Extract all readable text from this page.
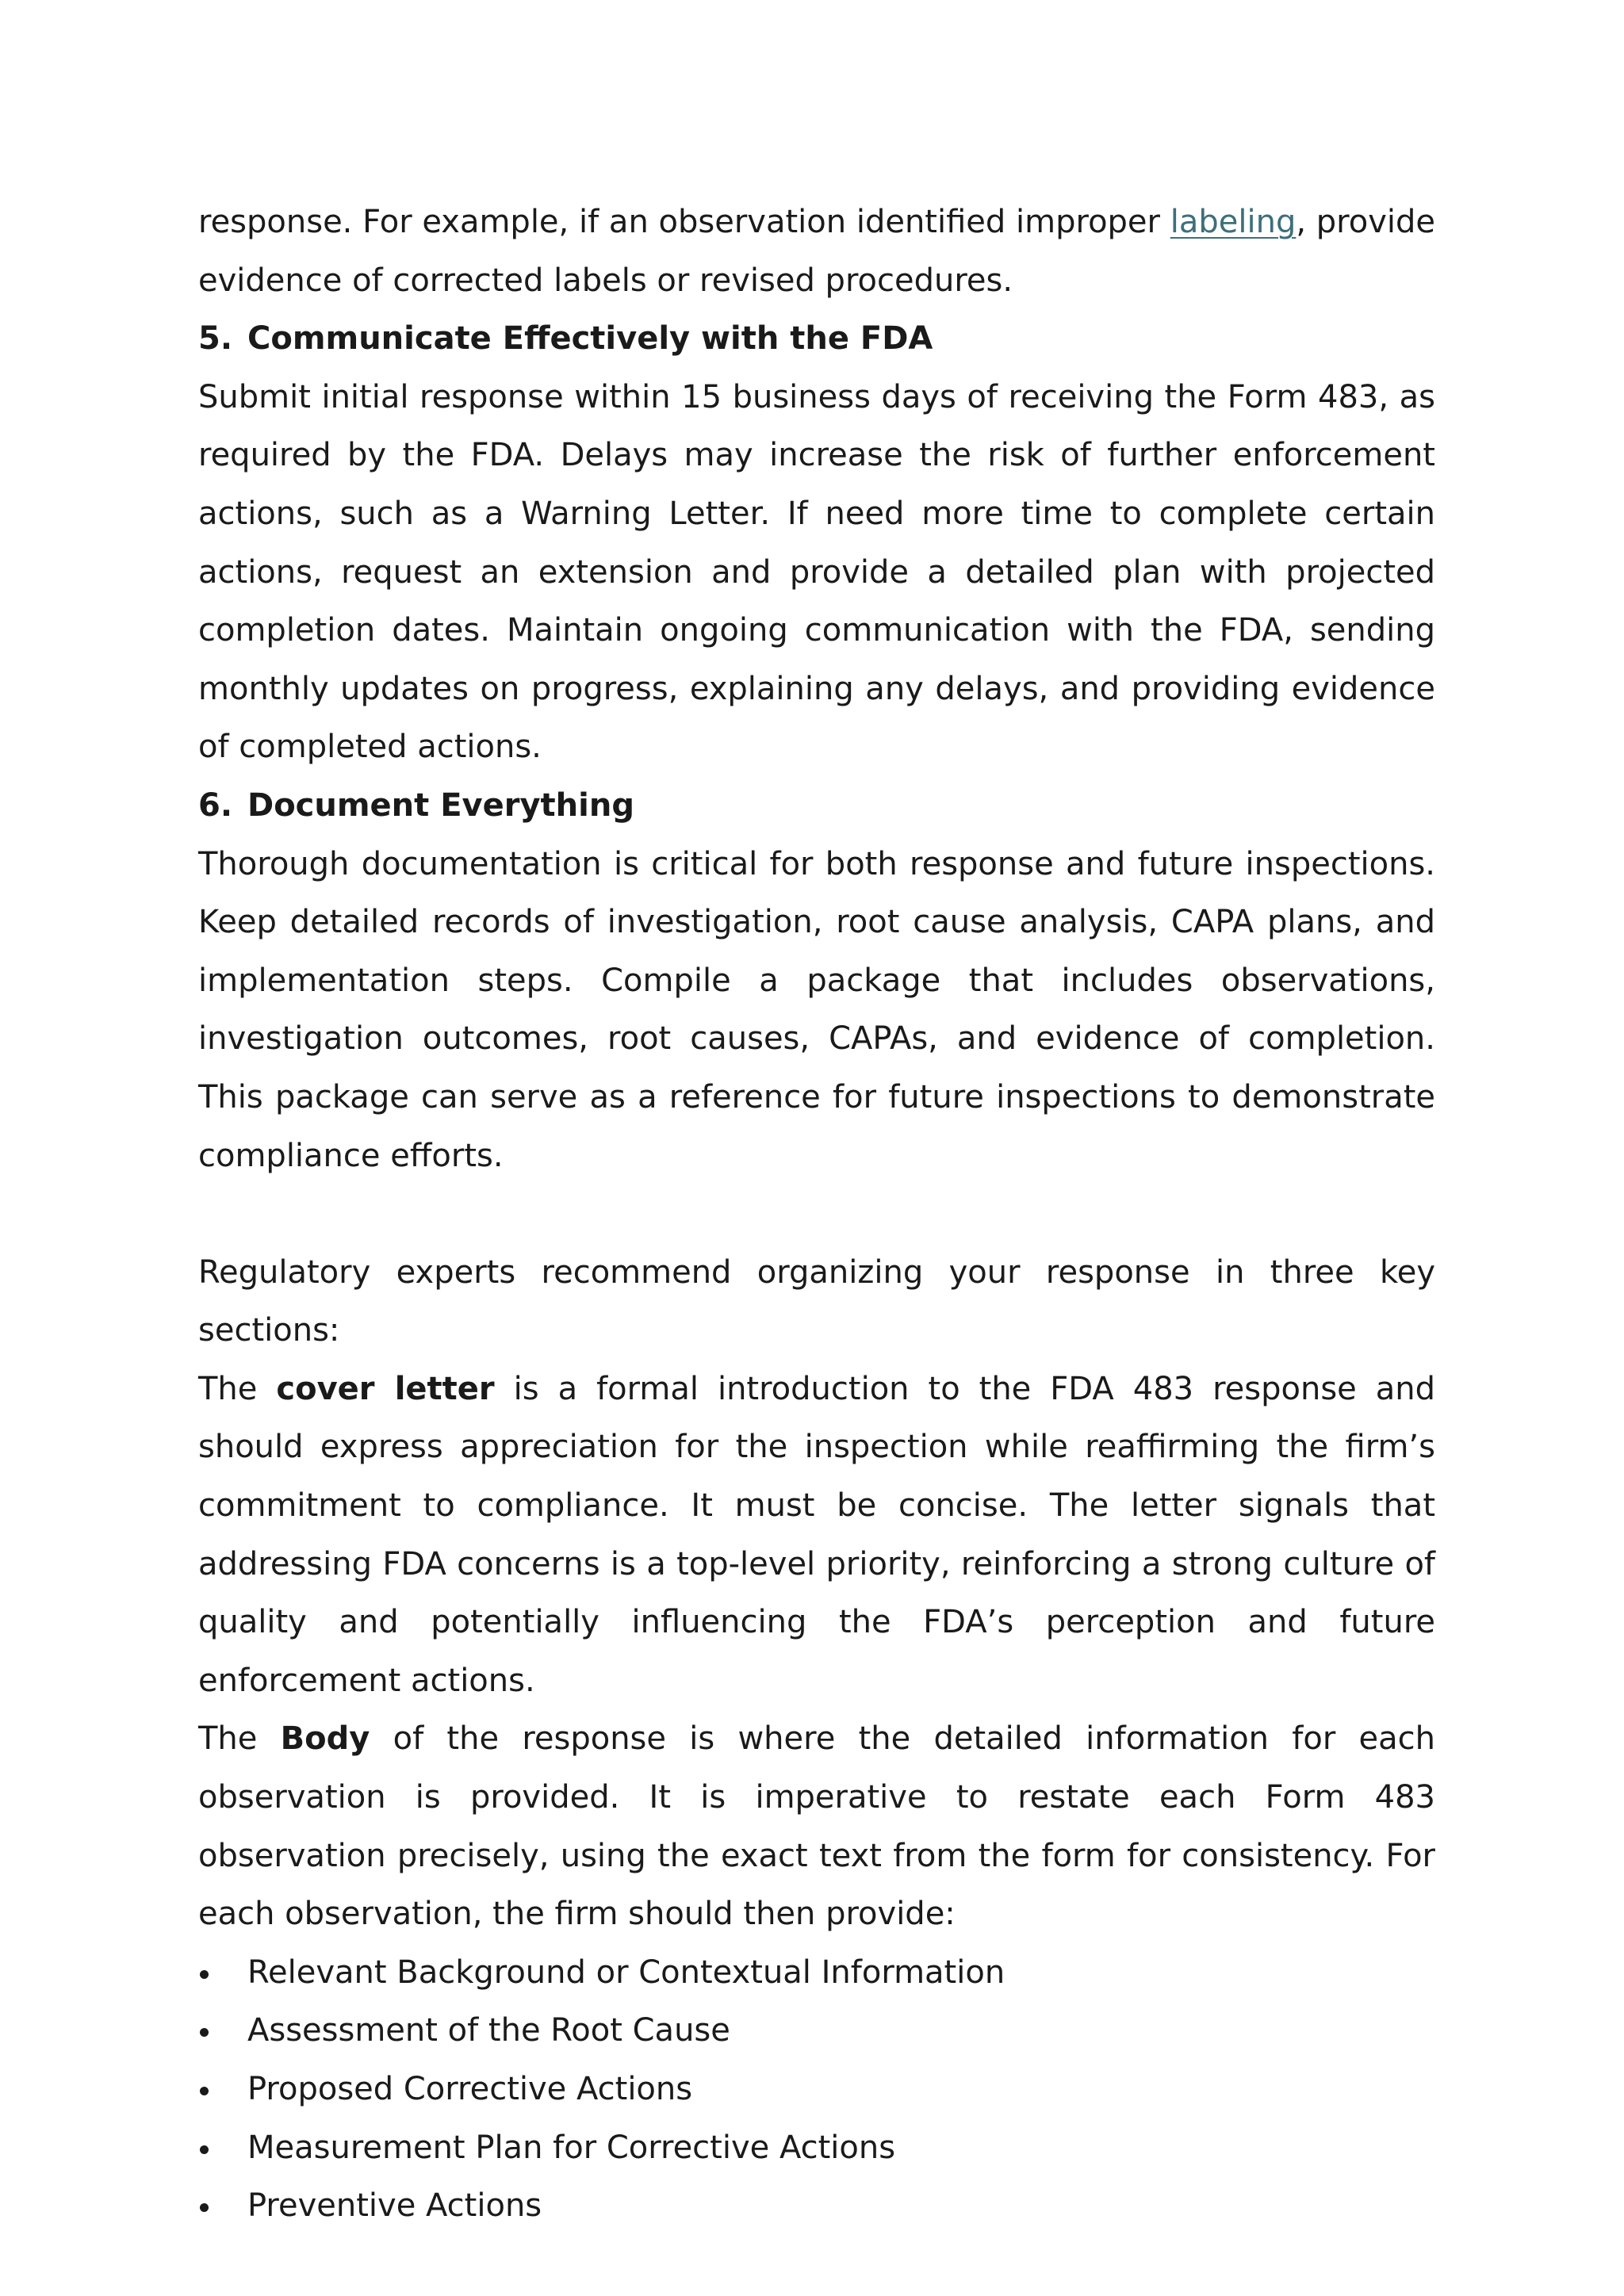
response. For example, if an observation identified improper labeling, provide evidence of corrected labels or revised procedures.

5. Communicate Effectively with the FDA

Submit initial response within 15 business days of receiving the Form 483, as required by the FDA. Delays may increase the risk of further enforcement actions, such as a Warning Letter. If need more time to complete certain actions, request an extension and provide a detailed plan with projected completion dates. Maintain ongoing communication with the FDA, sending monthly updates on progress, explaining any delays, and providing evidence of completed actions.

6. Document Everything

Thorough documentation is critical for both response and future inspections. Keep detailed records of investigation, root cause analysis, CAPA plans, and implementation steps. Compile a package that includes observations, investigation outcomes, root causes, CAPAs, and evidence of completion. This package can serve as a reference for future inspections to demonstrate compliance efforts.

Regulatory experts recommend organizing your response in three key sections:

The cover letter is a formal introduction to the FDA 483 response and should express appreciation for the inspection while reaffirming the firm’s commitment to compliance. It must be concise. The letter signals that addressing FDA concerns is a top-level priority, reinforcing a strong culture of quality and potentially influencing the FDA’s perception and future enforcement actions.

The Body of the response is where the detailed information for each observation is provided. It is imperative to restate each Form 483 observation precisely, using the exact text from the form for consistency. For each observation, the firm should then provide:

Relevant Background or Contextual Information
Assessment of the Root Cause
Proposed Corrective Actions
Measurement Plan for Corrective Actions
Preventive Actions
